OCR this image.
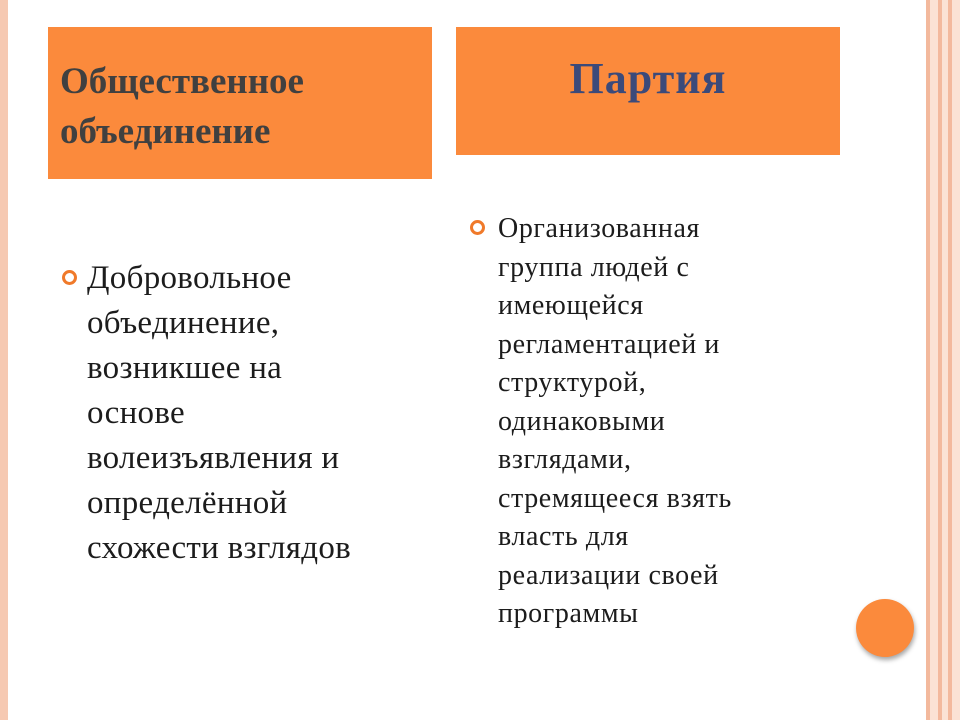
Общественное
объединение
Партия
Добровольное
объединение,
возникшее на
основе
волеизъявления и
определённой
схожести взглядов
Организованная
группа людей с
имеющейся
регламентацией и
структурой,
одинаковыми
взглядами,
стремящееся взять
власть для
реализации своей
программы
